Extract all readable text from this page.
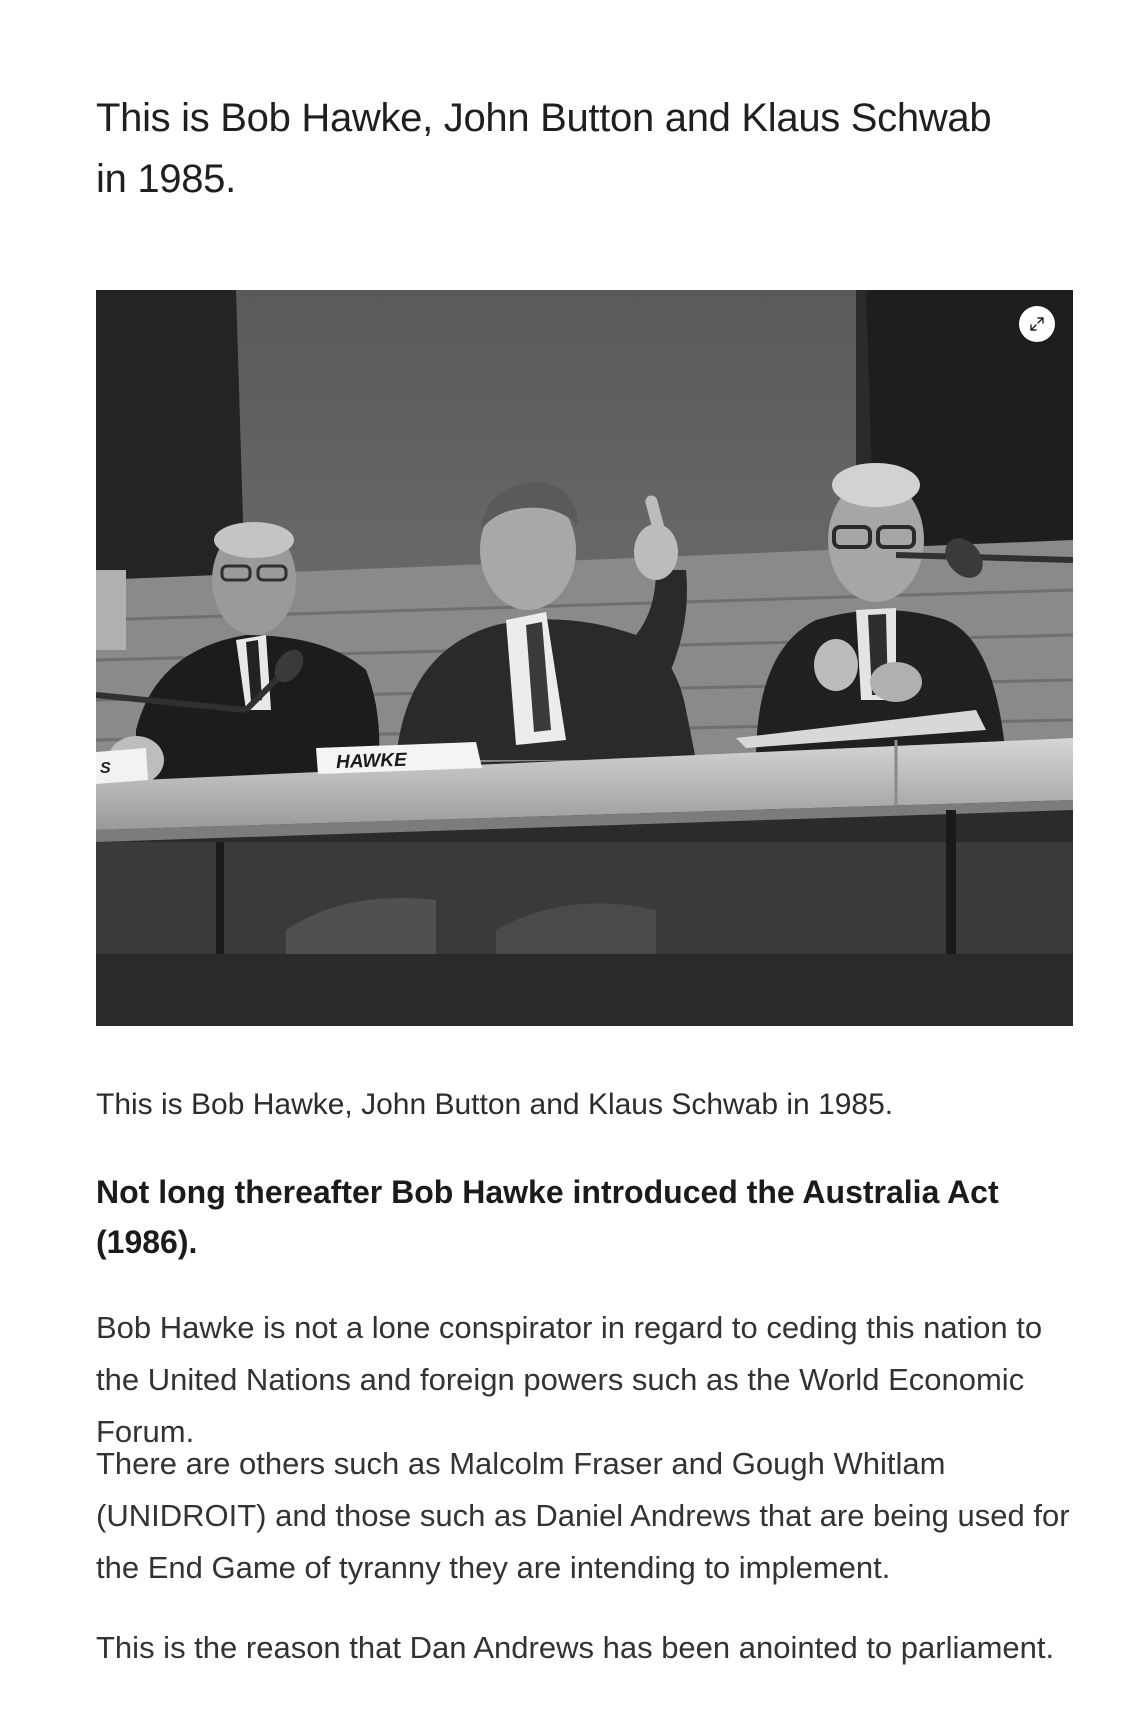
This is Bob Hawke, John Button and Klaus Schwab in 1985.
S	HAWKE

This is Bob Hawke, John Button and Klaus Schwab in 1985.

Not long thereafter Bob Hawke introduced the Australia Act (1986).

Bob Hawke is not a lone conspirator in regard to ceding this nation to the United Nations and foreign powers such as the World Economic Forum.

There are others such as Malcolm Fraser and Gough Whitlam (UNIDROIT) and those such as Daniel Andrews that are being used for the End Game of tyranny they are intending to implement.

This is the reason that Dan Andrews has been anointed to parliament.
